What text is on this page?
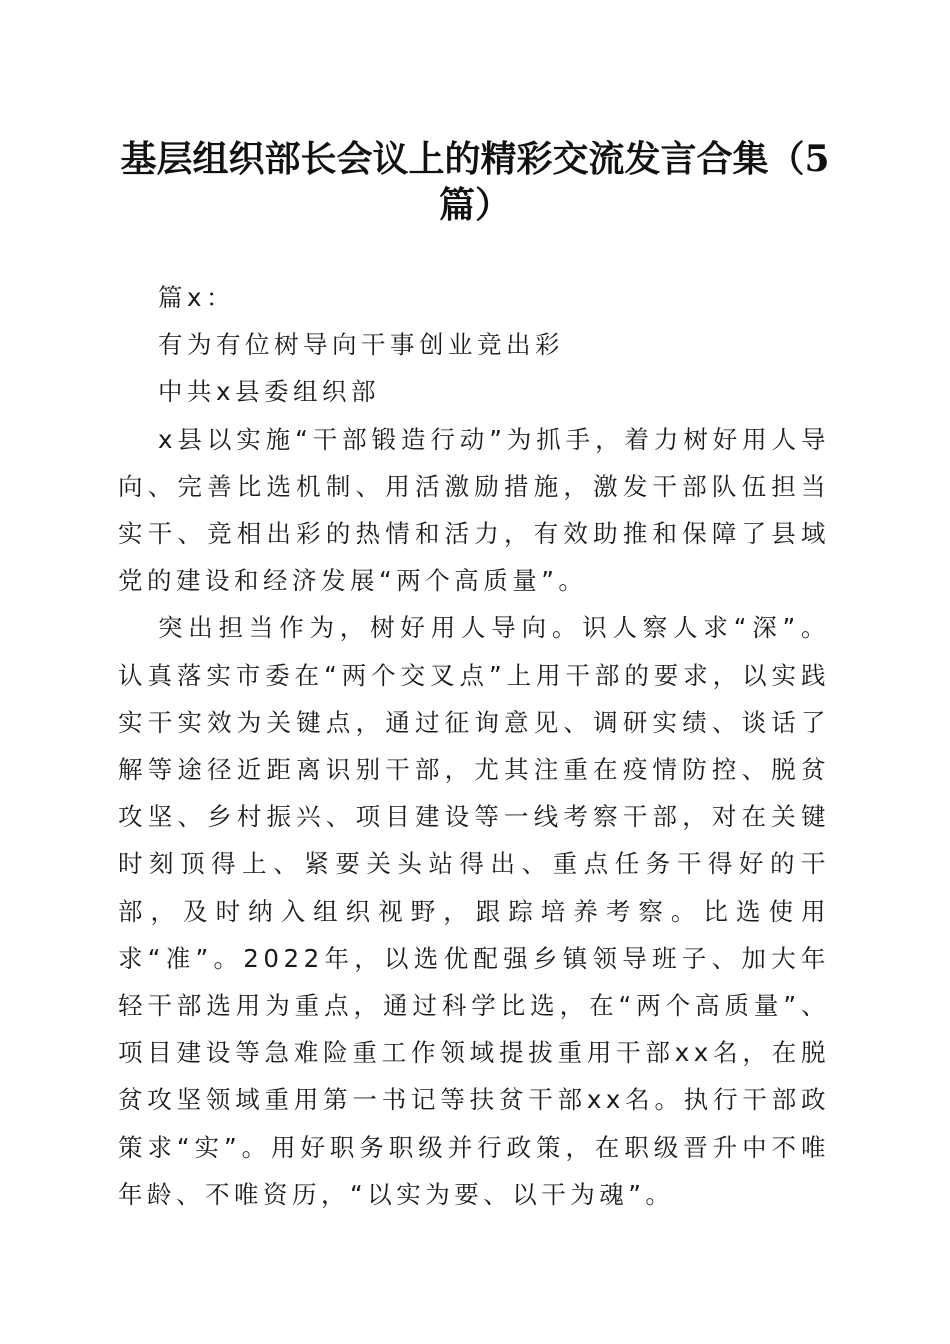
基层组织部长会议上的精彩交流发言合集（5篇）

篇x：

有为有位树导向干事创业竞出彩

中共x县委组织部

x县以实施“干部锻造行动”为抓手，着力树好用人导向、完善比选机制、用活激励措施，激发干部队伍担当实干、竞相出彩的热情和活力，有效助推和保障了县域党的建设和经济发展“两个高质量”。

突出担当作为，树好用人导向。识人察人求“深”。认真落实市委在“两个交叉点”上用干部的要求，以实践实干实效为关键点，通过征询意见、调研实绩、谈话了解等途径近距离识别干部，尤其注重在疫情防控、脱贫攻坚、乡村振兴、项目建设等一线考察干部，对在关键时刻顶得上、紧要关头站得出、重点任务干得好的干部，及时纳入组织视野，跟踪培养考察。比选使用求“准”。2022年，以选优配强乡镇领导班子、加大年轻干部选用为重点，通过科学比选，在“两个高质量”、项目建设等急难险重工作领域提拔重用干部xx名，在脱贫攻坚领域重用第一书记等扶贫干部xx名。执行干部政策求“实”。用好职务职级并行政策，在职级晋升中不唯年龄、不唯资历，“以实为要、以干为魂”。
